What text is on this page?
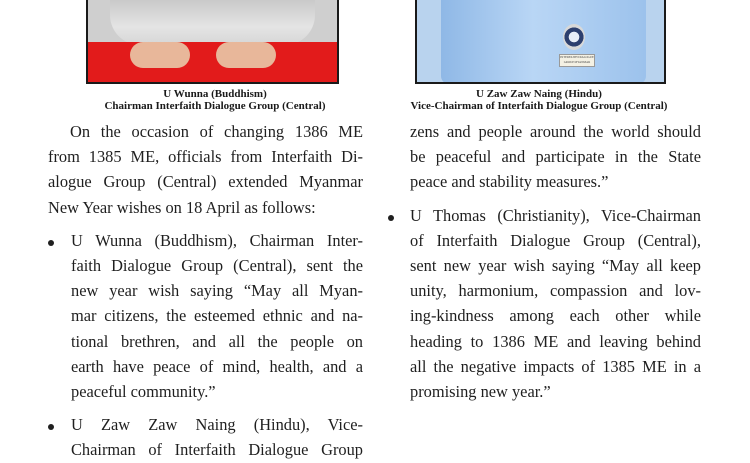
INTERFAITH DIALOGUE GROUP MYANMAR
U Wunna (Buddhism)
Chairman Interfaith Dialogue Group (Central)
U Zaw Zaw Naing (Hindu)
Vice-Chairman of Interfaith Dialogue Group (Central)

On the occasion of changing 1386 ME
from 1385 ME, officials from Interfaith Di-
alogue Group (Central) extended Myanmar
New Year wishes on 18 April as follows:

U Wunna (Buddhism), Chairman Inter-
faith Dialogue Group (Central), sent the
new year wish saying “May all Myan-
mar citizens, the esteemed ethnic and na-
tional brethren, and all the people on
earth have peace of mind, health, and a
peaceful community.”

U Zaw Zaw Naing (Hindu), Vice-
Chairman of Interfaith Dialogue Group

zens and people around the world should
be peaceful and participate in the State
peace and stability measures.”

U Thomas (Christianity), Vice-Chairman
of Interfaith Dialogue Group (Central),
sent new year wish saying “May all keep
unity, harmonium, compassion and lov-
ing-kindness among each other while
heading to 1386 ME and leaving behind
all the negative impacts of 1385 ME in a
promising new year.”
